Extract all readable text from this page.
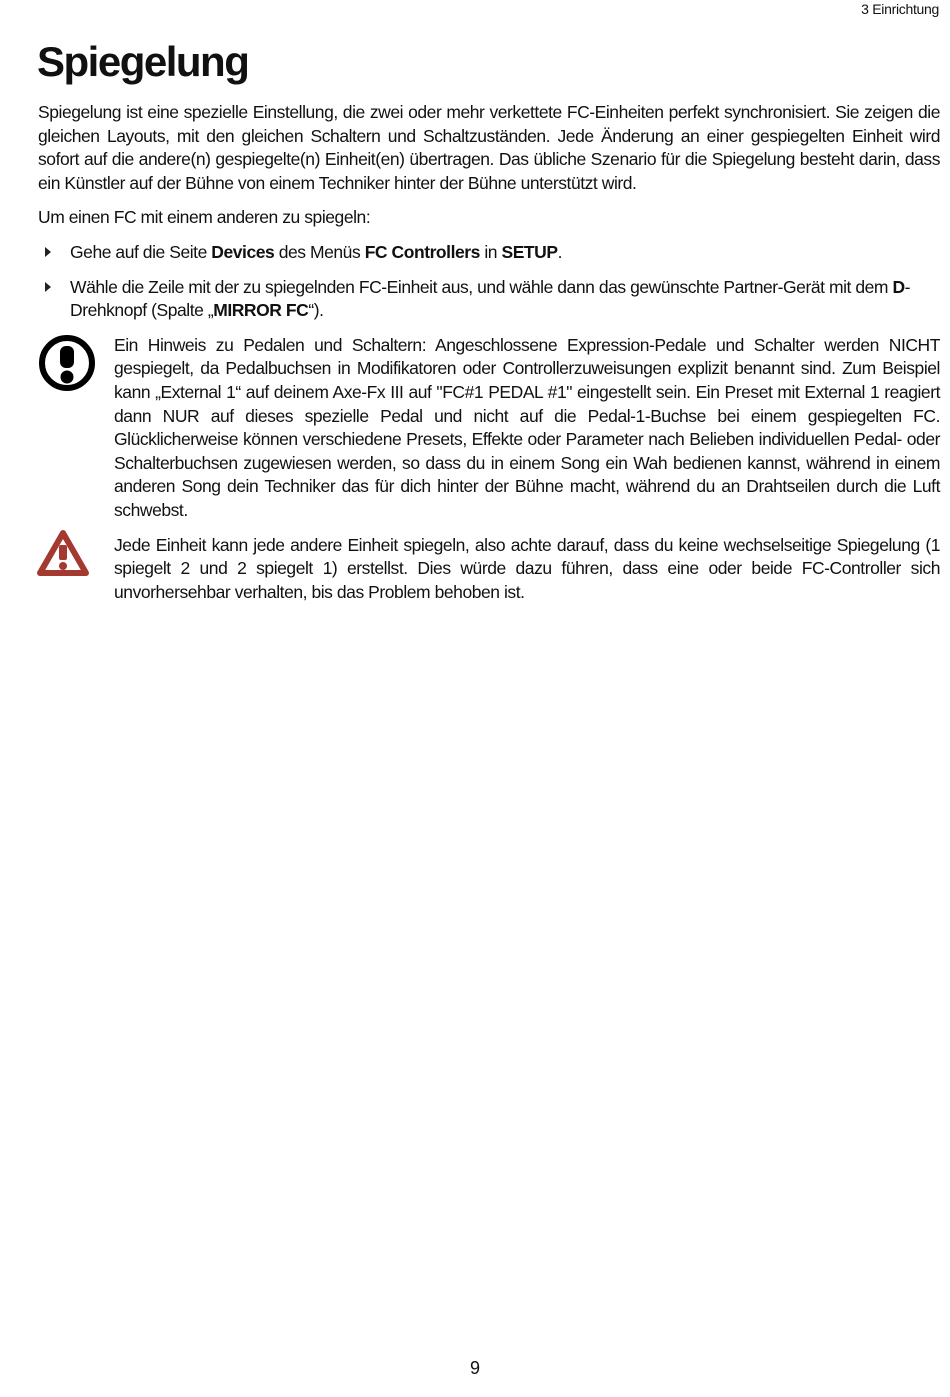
3 Einrichtung
Spiegelung

Spiegelung ist eine spezielle Einstellung, die zwei oder mehr verkettete FC-Einheiten perfekt synchronisiert. Sie zeigen die gleichen Layouts, mit den gleichen Schaltern und Schaltzuständen. Jede Änderung an einer gespiegelten Einheit wird sofort auf die andere(n) gespiegelte(n) Einheit(en) übertragen. Das übliche Szenario für die Spiegelung besteht darin, dass ein Künstler auf der Bühne von einem Techniker hinter der Bühne unterstützt wird.

Um einen FC mit einem anderen zu spiegeln:

Gehe auf die Seite Devices des Menüs FC Controllers in SETUP.
Wähle die Zeile mit der zu spiegelnden FC-Einheit aus, und wähle dann das gewünschte Partner-Gerät mit dem D-Drehknopf (Spalte „MIRROR FC“).

Ein Hinweis zu Pedalen und Schaltern: Angeschlossene Expression-Pedale und Schalter werden NICHT gespiegelt, da Pedalbuchsen in Modifikatoren oder Controllerzuweisungen explizit benannt sind. Zum Beispiel kann „External 1“ auf deinem Axe-Fx III auf "FC#1 PEDAL #1" eingestellt sein. Ein Preset mit External 1 reagiert dann NUR auf dieses spezielle Pedal und nicht auf die Pedal-1-Buchse bei einem gespiegelten FC. Glücklicherweise können verschiedene Presets, Effekte oder Parameter nach Belieben individuellen Pedal- oder Schalterbuchsen zugewiesen werden, so dass du in einem Song ein Wah bedienen kannst, während in einem anderen Song dein Techniker das für dich hinter der Bühne macht, während du an Drahtseilen durch die Luft schwebst.

Jede Einheit kann jede andere Einheit spiegeln, also achte darauf, dass du keine wechselseitige Spiegelung (1 spiegelt 2 und 2 spiegelt 1) erstellst. Dies würde dazu führen, dass eine oder beide FC-Controller sich unvorhersehbar verhalten, bis das Problem behoben ist.

9
